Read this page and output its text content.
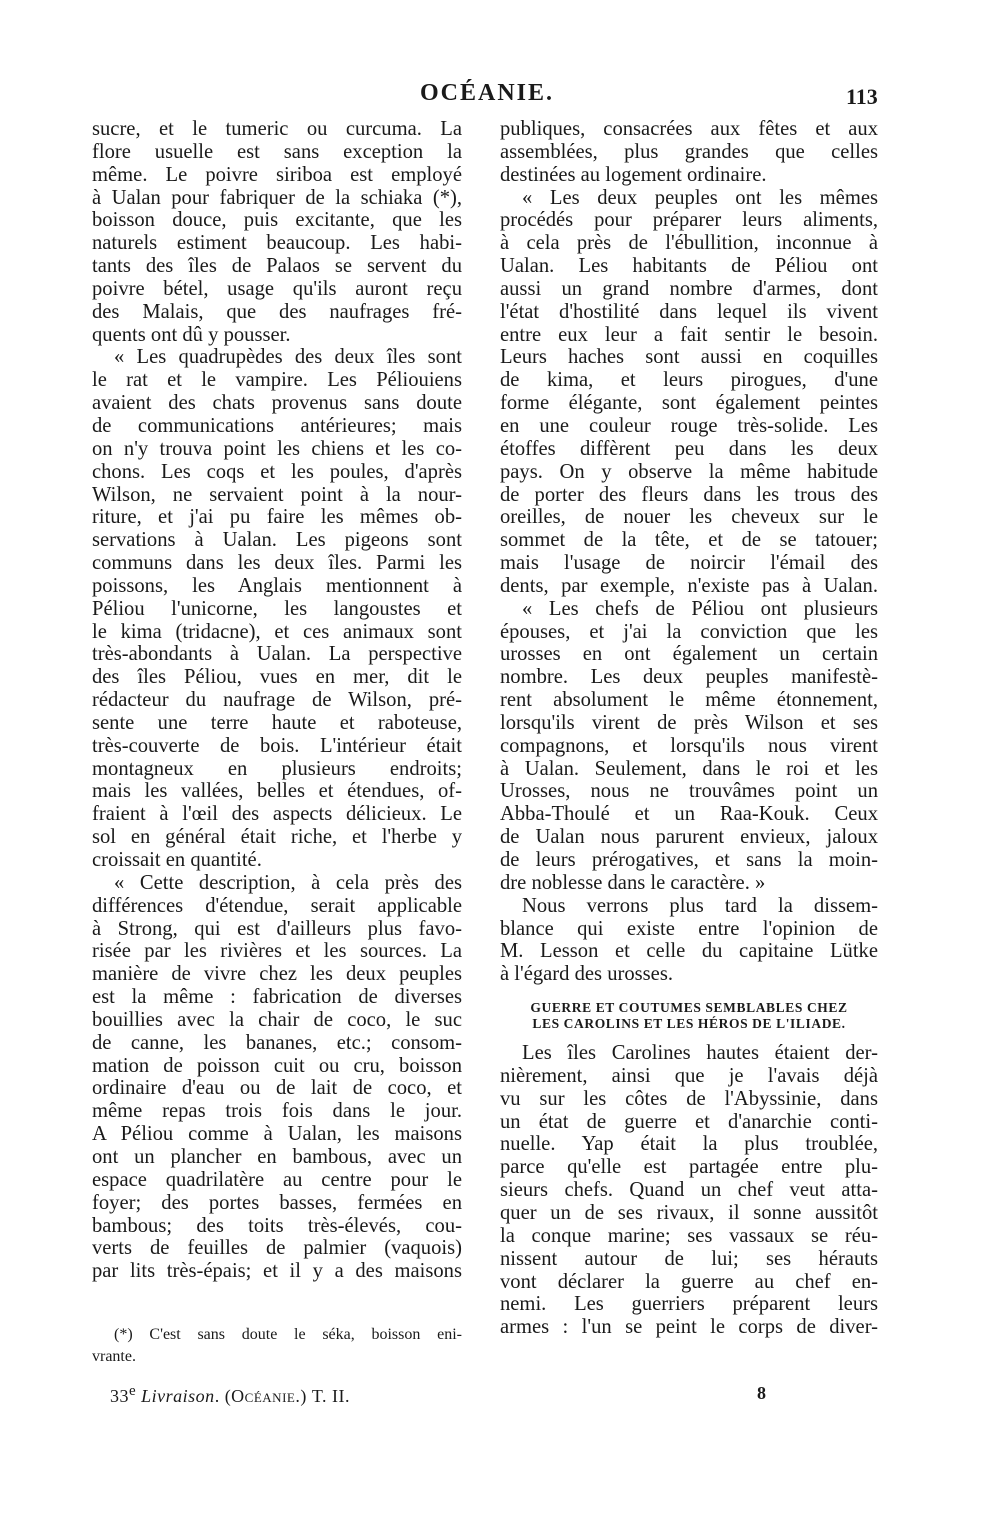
OCÉANIE.	113
sucre, et le tumeric ou curcuma. La
flore usuelle est sans exception la
même. Le poivre siriboa est employé
à Ualan pour fabriquer de la schiaka (*),
boisson douce, puis excitante, que les
naturels estiment beaucoup. Les habi-
tants des îles de Palaos se servent du
poivre bétel, usage qu'ils auront reçu
des Malais, que des naufrages fré-
quents ont dû y pousser.
« Les quadrupèdes des deux îles sont
le rat et le vampire. Les Péliouiens
avaient des chats provenus sans doute
de communications antérieures; mais
on n'y trouva point les chiens et les co-
chons. Les coqs et les poules, d'après
Wilson, ne servaient point à la nour-
riture, et j'ai pu faire les mêmes ob-
servations à Ualan. Les pigeons sont
communs dans les deux îles. Parmi les
poissons, les Anglais mentionnent à
Péliou l'unicorne, les langoustes et
le kima (tridacne), et ces animaux sont
très-abondants à Ualan. La perspective
des îles Péliou, vues en mer, dit le
rédacteur du naufrage de Wilson, pré-
sente une terre haute et raboteuse,
très-couverte de bois. L'intérieur était
montagneux en plusieurs endroits;
mais les vallées, belles et étendues, of-
fraient à l'œil des aspects délicieux. Le
sol en général était riche, et l'herbe y
croissait en quantité.
« Cette description, à cela près des
différences d'étendue, serait applicable
à Strong, qui est d'ailleurs plus favo-
risée par les rivières et les sources. La
manière de vivre chez les deux peuples
est la même : fabrication de diverses
bouillies avec la chair de coco, le suc
de canne, les bananes, etc.; consom-
mation de poisson cuit ou cru, boisson
ordinaire d'eau ou de lait de coco, et
même repas trois fois dans le jour.
A Péliou comme à Ualan, les maisons
ont un plancher en bambous, avec un
espace quadrilatère au centre pour le
foyer; des portes basses, fermées en
bambous; des toits très-élevés, cou-
verts de feuilles de palmier (vaquois)
par lits très-épais; et il y a des maisons
publiques, consacrées aux fêtes et aux
assemblées, plus grandes que celles
destinées au logement ordinaire.
« Les deux peuples ont les mêmes
procédés pour préparer leurs aliments,
à cela près de l'ébullition, inconnue à
Ualan. Les habitants de Péliou ont
aussi un grand nombre d'armes, dont
l'état d'hostilité dans lequel ils vivent
entre eux leur a fait sentir le besoin.
Leurs haches sont aussi en coquilles
de kima, et leurs pirogues, d'une
forme élégante, sont également peintes
en une couleur rouge très-solide. Les
étoffes diffèrent peu dans les deux
pays. On y observe la même habitude
de porter des fleurs dans les trous des
oreilles, de nouer les cheveux sur le
sommet de la tête, et de se tatouer;
mais l'usage de noircir l'émail des
dents, par exemple, n'existe pas à Ualan.
« Les chefs de Péliou ont plusieurs
épouses, et j'ai la conviction que les
urosses en ont également un certain
nombre. Les deux peuples manifestè-
rent absolument le même étonnement,
lorsqu'ils virent de près Wilson et ses
compagnons, et lorsqu'ils nous virent
à Ualan. Seulement, dans le roi et les
Urosses, nous ne trouvâmes point un
Abba-Thoulé et un Raa-Kouk. Ceux
de Ualan nous parurent envieux, jaloux
de leurs prérogatives, et sans la moin-
dre noblesse dans le caractère. »
Nous verrons plus tard la dissem-
blance qui existe entre l'opinion de
M. Lesson et celle du capitaine Lütke
à l'égard des urosses.
GUERRE ET COUTUMES SEMBLABLES CHEZ
LES CAROLINS ET LES HÉROS DE L'ILIADE.
Les îles Carolines hautes étaient der-
nièrement, ainsi que je l'avais déjà
vu sur les côtes de l'Abyssinie, dans
un état de guerre et d'anarchie conti-
nuelle. Yap était la plus troublée,
parce qu'elle est partagée entre plu-
sieurs chefs. Quand un chef veut atta-
quer un de ses rivaux, il sonne aussitôt
la conque marine; ses vassaux se réu-
nissent autour de lui; ses hérauts
vont déclarer la guerre au chef en-
nemi. Les guerriers préparent leurs
armes : l'un se peint le corps de diver-
(*) C'est sans doute le séka, boisson eni-
vrante.
33e Livraison. (Océanie.) T. II.	8
